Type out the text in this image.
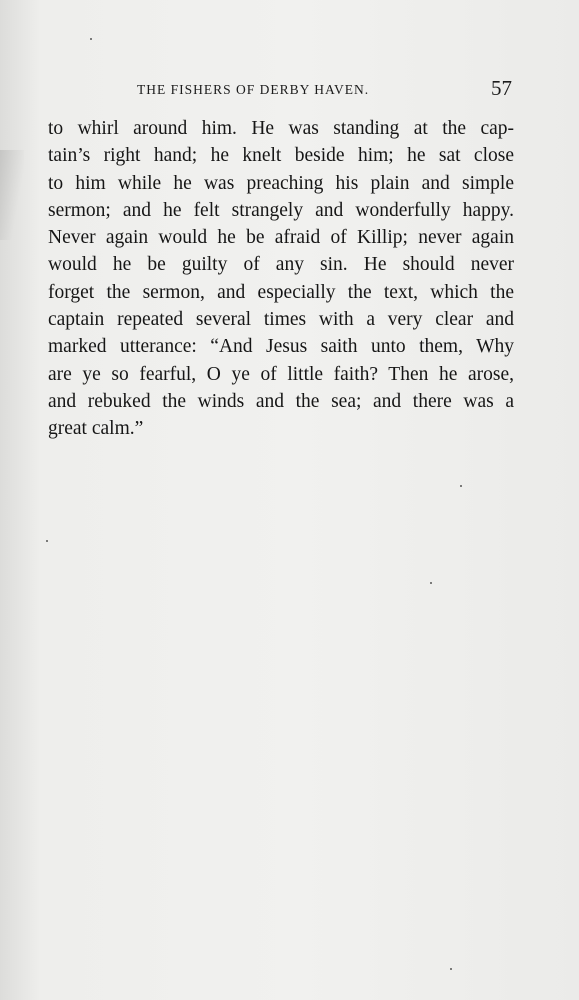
THE FISHERS OF DERBY HAVEN.	57
to whirl around him. He was standing at the cap-
tain’s right hand; he knelt beside him; he sat close
to him while he was preaching his plain and simple
sermon; and he felt strangely and wonderfully happy.
Never again would he be afraid of Killip; never again
would he be guilty of any sin. He should never
forget the sermon, and especially the text, which the
captain repeated several times with a very clear and
marked utterance: “And Jesus saith unto them, Why
are ye so fearful, O ye of little faith? Then he arose,
and rebuked the winds and the sea; and there was a
great calm.”
